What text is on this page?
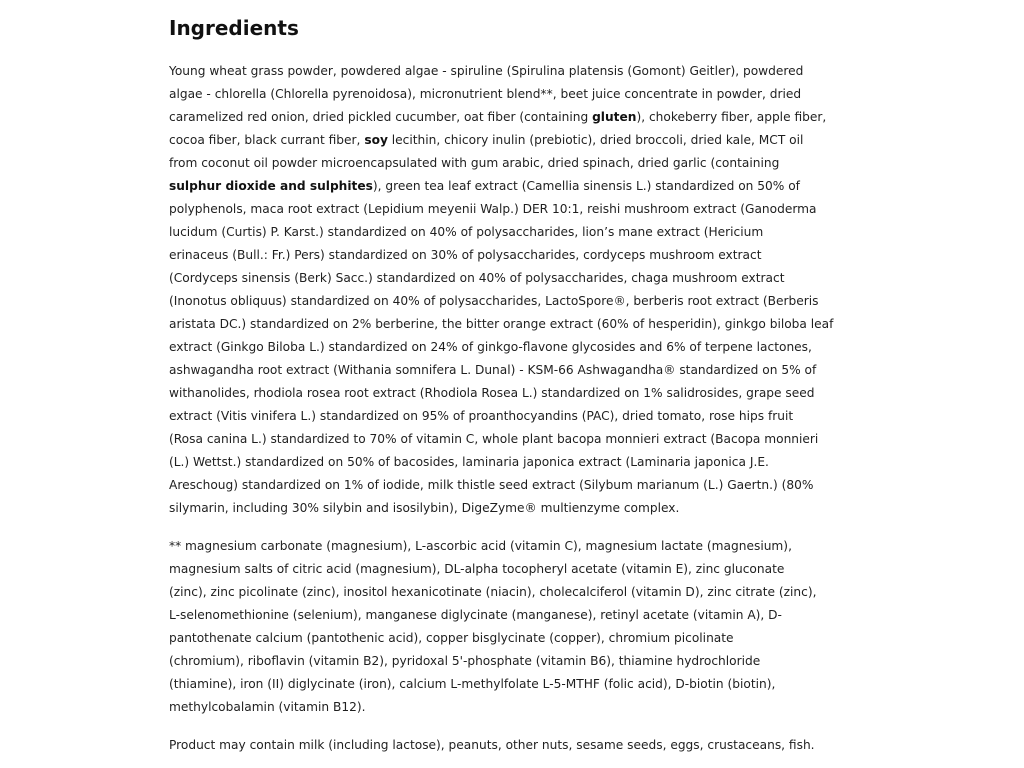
Ingredients

Young wheat grass powder, powdered algae - spiruline (Spirulina platensis (Gomont) Geitler), powdered
algae - chlorella (Chlorella pyrenoidosa), micronutrient blend**, beet juice concentrate in powder, dried
caramelized red onion, dried pickled cucumber, oat fiber (containing gluten), chokeberry fiber, apple fiber,
cocoa fiber, black currant fiber, soy lecithin, chicory inulin (prebiotic), dried broccoli, dried kale, MCT oil
from coconut oil powder microencapsulated with gum arabic, dried spinach, dried garlic (containing
sulphur dioxide and sulphites), green tea leaf extract (Camellia sinensis L.) standardized on 50% of
polyphenols, maca root extract (Lepidium meyenii Walp.) DER 10:1, reishi mushroom extract (Ganoderma
lucidum (Curtis) P. Karst.) standardized on 40% of polysaccharides, lion’s mane extract (Hericium
erinaceus (Bull.: Fr.) Pers) standardized on 30% of polysaccharides, cordyceps mushroom extract
(Cordyceps sinensis (Berk) Sacc.) standardized on 40% of polysaccharides, chaga mushroom extract
(Inonotus obliquus) standardized on 40% of polysaccharides, LactoSpore®, berberis root extract (Berberis
aristata DC.) standardized on 2% berberine, the bitter orange extract (60% of hesperidin), ginkgo biloba leaf
extract (Ginkgo Biloba L.) standardized on 24% of ginkgo-flavone glycosides and 6% of terpene lactones,
ashwagandha root extract (Withania somnifera L. Dunal) - KSM-66 Ashwagandha® standardized on 5% of
withanolides, rhodiola rosea root extract (Rhodiola Rosea L.) standardized on 1% salidrosides, grape seed
extract (Vitis vinifera L.) standardized on 95% of proanthocyandins (PAC), dried tomato, rose hips fruit
(Rosa canina L.) standardized to 70% of vitamin C, whole plant bacopa monnieri extract (Bacopa monnieri
(L.) Wettst.) standardized on 50% of bacosides, laminaria japonica extract (Laminaria japonica J.E.
Areschoug) standardized on 1% of iodide, milk thistle seed extract (Silybum marianum (L.) Gaertn.) (80%
silymarin, including 30% silybin and isosilybin), DigeZyme® multienzyme complex.

** magnesium carbonate (magnesium), L-ascorbic acid (vitamin C), magnesium lactate (magnesium),
magnesium salts of citric acid (magnesium), DL-alpha tocopheryl acetate (vitamin E), zinc gluconate
(zinc), zinc picolinate (zinc), inositol hexanicotinate (niacin), cholecalciferol (vitamin D), zinc citrate (zinc),
L-selenomethionine (selenium), manganese diglycinate (manganese), retinyl acetate (vitamin A), D-
pantothenate calcium (pantothenic acid), copper bisglycinate (copper), chromium picolinate
(chromium), riboflavin (vitamin B2), pyridoxal 5'-phosphate (vitamin B6), thiamine hydrochloride
(thiamine), iron (II) diglycinate (iron), calcium L-methylfolate L-5-MTHF (folic acid), D-biotin (biotin),
methylcobalamin (vitamin B12).

Product may contain milk (including lactose), peanuts, other nuts, sesame seeds, eggs, crustaceans, fish.
